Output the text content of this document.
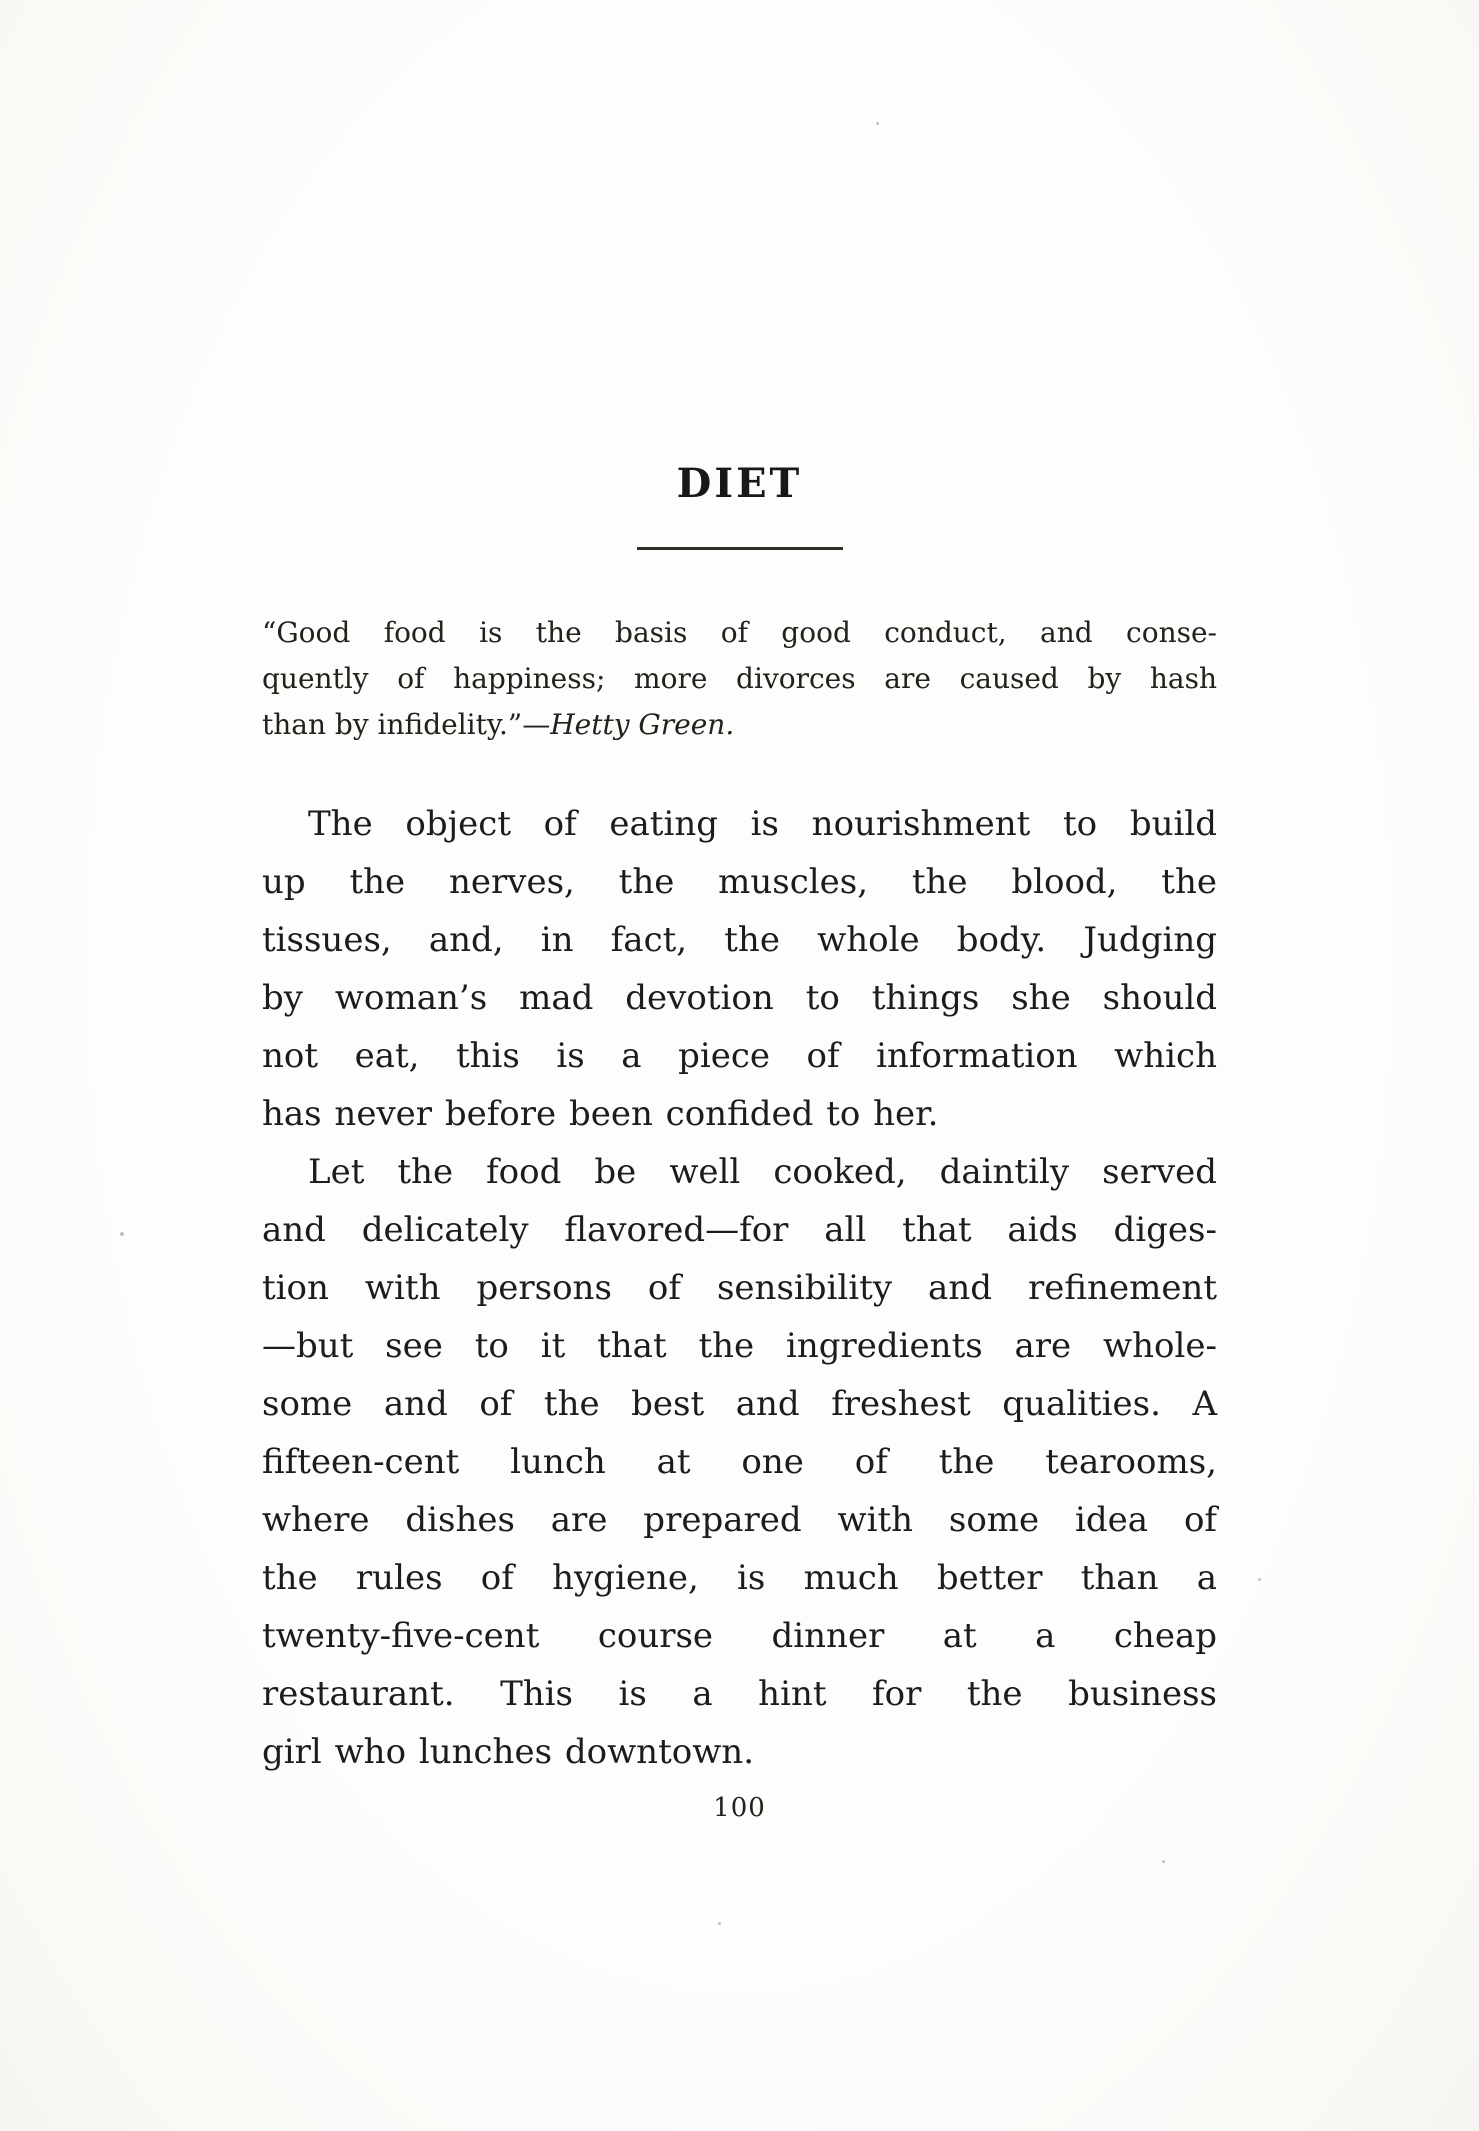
DIET
“Good food is the basis of good conduct, and conse-
quently of happiness; more divorces are caused by hash
than by infidelity.”—Hetty Green.
The object of eating is nourishment to build
up the nerves, the muscles, the blood, the
tissues, and, in fact, the whole body. Judging
by woman’s mad devotion to things she should
not eat, this is a piece of information which
has never before been confided to her.
Let the food be well cooked, daintily served
and delicately flavored—for all that aids diges-
tion with persons of sensibility and refinement
—but see to it that the ingredients are whole-
some and of the best and freshest qualities. A
fifteen-cent lunch at one of the tearooms,
where dishes are prepared with some idea of
the rules of hygiene, is much better than a
twenty-five-cent course dinner at a cheap
restaurant. This is a hint for the business
girl who lunches downtown.
100
